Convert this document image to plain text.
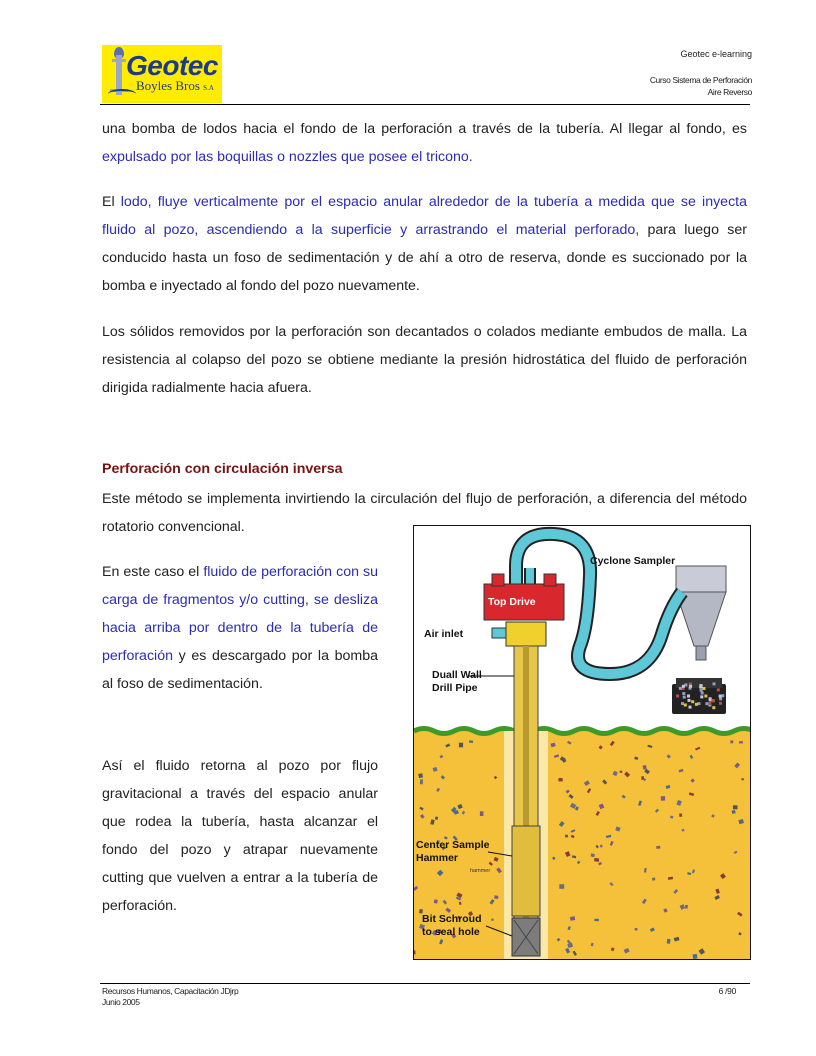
Geotec
Boyles Bros S.A
Geotec e-learning
Curso Sistema de Perforación
Aire Reverso
una bomba de lodos hacia el fondo de la perforación a través de la tubería. Al llegar al fondo, es expulsado por las boquillas o nozzles que posee el tricono.
El lodo, fluye verticalmente por el espacio anular alrededor de la tubería a medida que se inyecta fluido al pozo, ascendiendo a la superficie y arrastrando el material perforado, para luego ser conducido hasta un foso de sedimentación y de ahí a otro de reserva, donde es succionado por la bomba e inyectado al fondo del pozo nuevamente.
Los sólidos removidos por la perforación son decantados o colados mediante embudos de malla. La resistencia al colapso del pozo se obtiene mediante la presión hidrostática del fluido de perforación dirigida radialmente hacia afuera.
Perforación con circulación inversa
Este método se implementa invirtiendo la circulación del flujo de perforación, a diferencia del método rotatorio convencional.
En este caso el fluido de perforación con su carga de fragmentos y/o cutting, se desliza hacia arriba por dentro de la tubería de perforación y es descargado por la bomba al foso de sedimentación.
Así el fluido retorna al pozo por flujo gravitacional a través del espacio anular que rodea la tubería, hasta alcanzar el fondo del pozo y atrapar nuevamente cutting que vuelven a entrar a la tubería de perforación.
Cyclone Sampler
Top Drive
Air inlet
Duall Wall
Drill Pipe
Center Sample
Hammer
Bit Schroud
to seal hole
hammer
Recursos Humanos, Capacitación JDjrp
Junio 2005
6 /90
